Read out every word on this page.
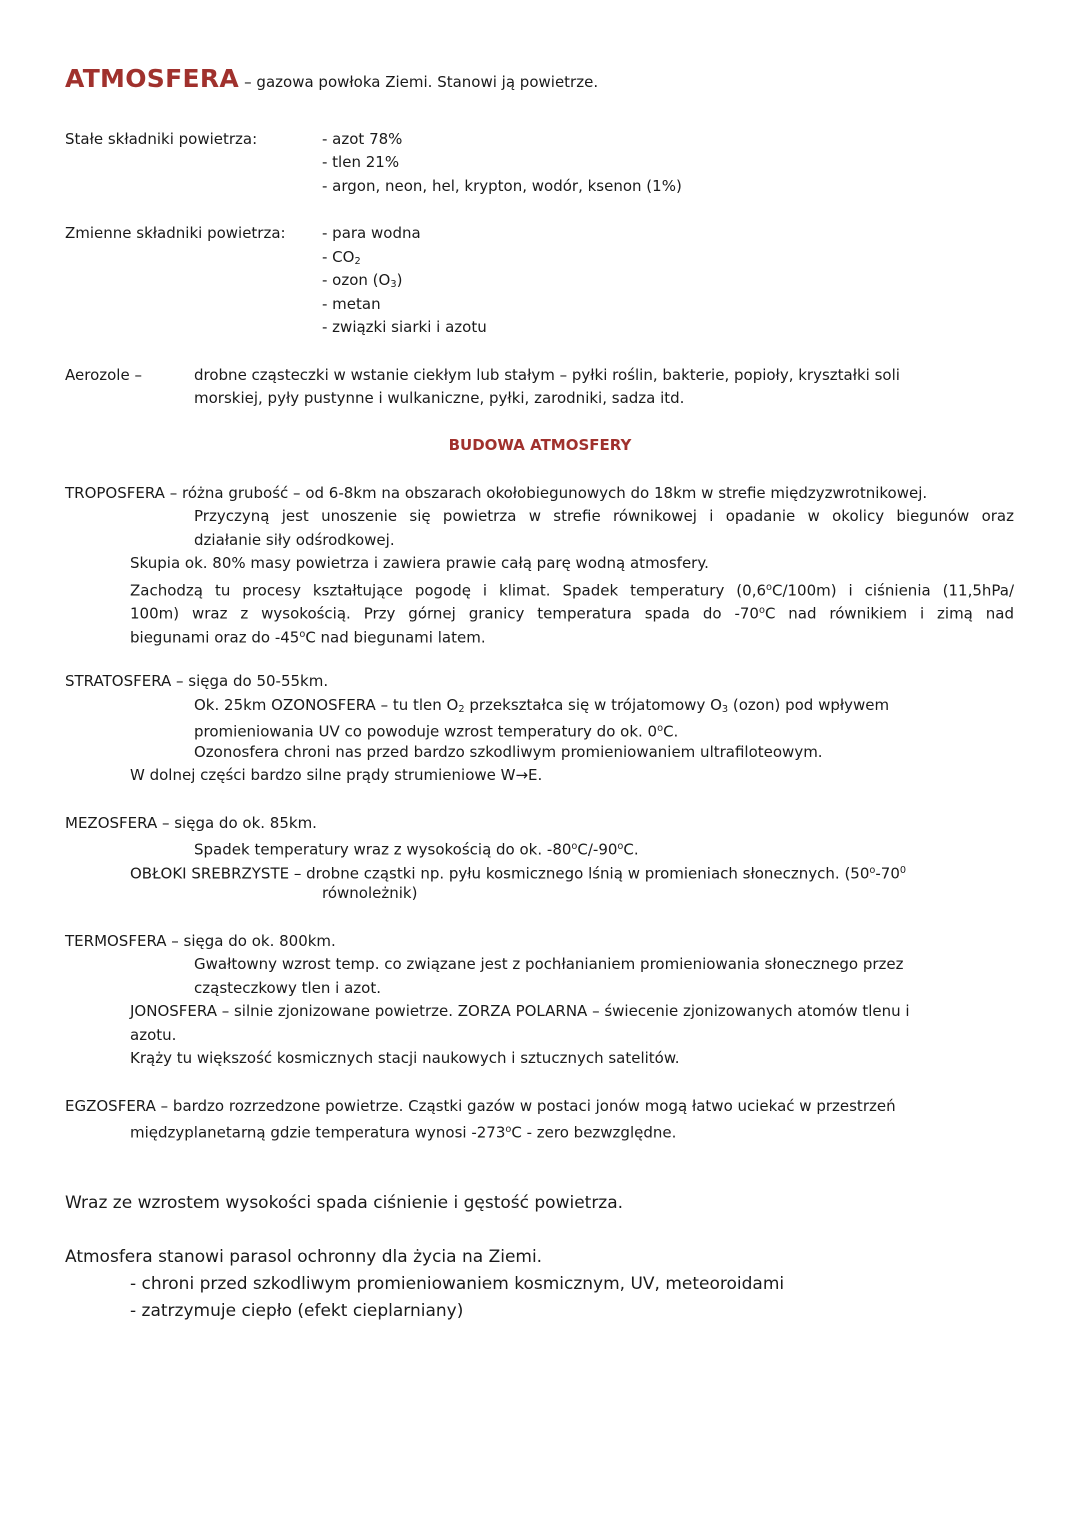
ATMOSFERA – gazowa powłoka Ziemi. Stanowi ją powietrze.
Stałe składniki powietrza:	- azot 78%
- tlen 21%
- argon, neon, hel, krypton, wodór, ksenon (1%)
Zmienne składniki powietrza: - para wodna
- $CO_2$
- ozon $(O_3)$
- metan
- związki siarki i azotu
Aerozole –	drobne cząsteczki w wstanie ciekłym lub stałym – pyłki roślin, bakterie, popioły, kryształki soli
morskiej, pyły pustynne i wulkaniczne, pyłki, zarodniki, sadza itd.
BUDOWA ATMOSFERY
TROPOSFERA – różna grubość – od 6-8km na obszarach okołobiegunowych do 18km w strefie międzyzwrotnikowej.
Przyczyną jest unoszenie się powietrza w strefie równikowej i opadanie w okolicy biegunów oraz
działanie siły odśrodkowej.
Skupia ok. 80% masy powietrza i zawiera prawie całą parę wodną atmosfery.
Zachodzą tu procesy kształtujące pogodę i klimat. Spadek temperatury (0,6$^o$C/100m) i ciśnienia (11,5hPa/
100m) wraz z wysokością. Przy górnej granicy temperatura spada do -70$^o$C nad równikiem i zimą nad
biegunami oraz do -45$^o$C nad biegunami latem.
STRATOSFERA – sięga do 50-55km.
Ok. 25km OZONOSFERA – tu tlen $O_2$ przekształca się w trójatomowy $O_3$ (ozon) pod wpływem
promieniowania UV co powoduje wzrost temperatury do ok. 0$^o$C.
Ozonosfera chroni nas przed bardzo szkodliwym promieniowaniem ultrafiloteowym.
W dolnej części bardzo silne prądy strumieniowe W→E.
MEZOSFERA – sięga do ok. 85km.
Spadek temperatury wraz z wysokością do ok. -80$^o$C/-90$^o$C.
OBŁOKI SREBRZYSTE – drobne cząstki np. pyłu kosmicznego lśnią w promieniach słonecznych. ($50^o-70^0$
równoleżnik)
TERMOSFERA – sięga do ok. 800km.
Gwałtowny wzrost temp. co związane jest z pochłanianiem promieniowania słonecznego przez
cząsteczkowy tlen i azot.
JONOSFERA – silnie zjonizowane powietrze. ZORZA POLARNA – świecenie zjonizowanych atomów tlenu i
azotu.
Krąży tu większość kosmicznych stacji naukowych i sztucznych satelitów.
EGZOSFERA – bardzo rozrzedzone powietrze. Cząstki gazów w postaci jonów mogą łatwo uciekać w przestrzeń
międzyplanetarną gdzie temperatura wynosi -273$^o$C - zero bezwzględne.
Wraz ze wzrostem wysokości spada ciśnienie i gęstość powietrza.
Atmosfera stanowi parasol ochronny dla życia na Ziemi.
- chroni przed szkodliwym promieniowaniem kosmicznym, UV, meteoroidami
- zatrzymuje ciepło (efekt cieplarniany)
